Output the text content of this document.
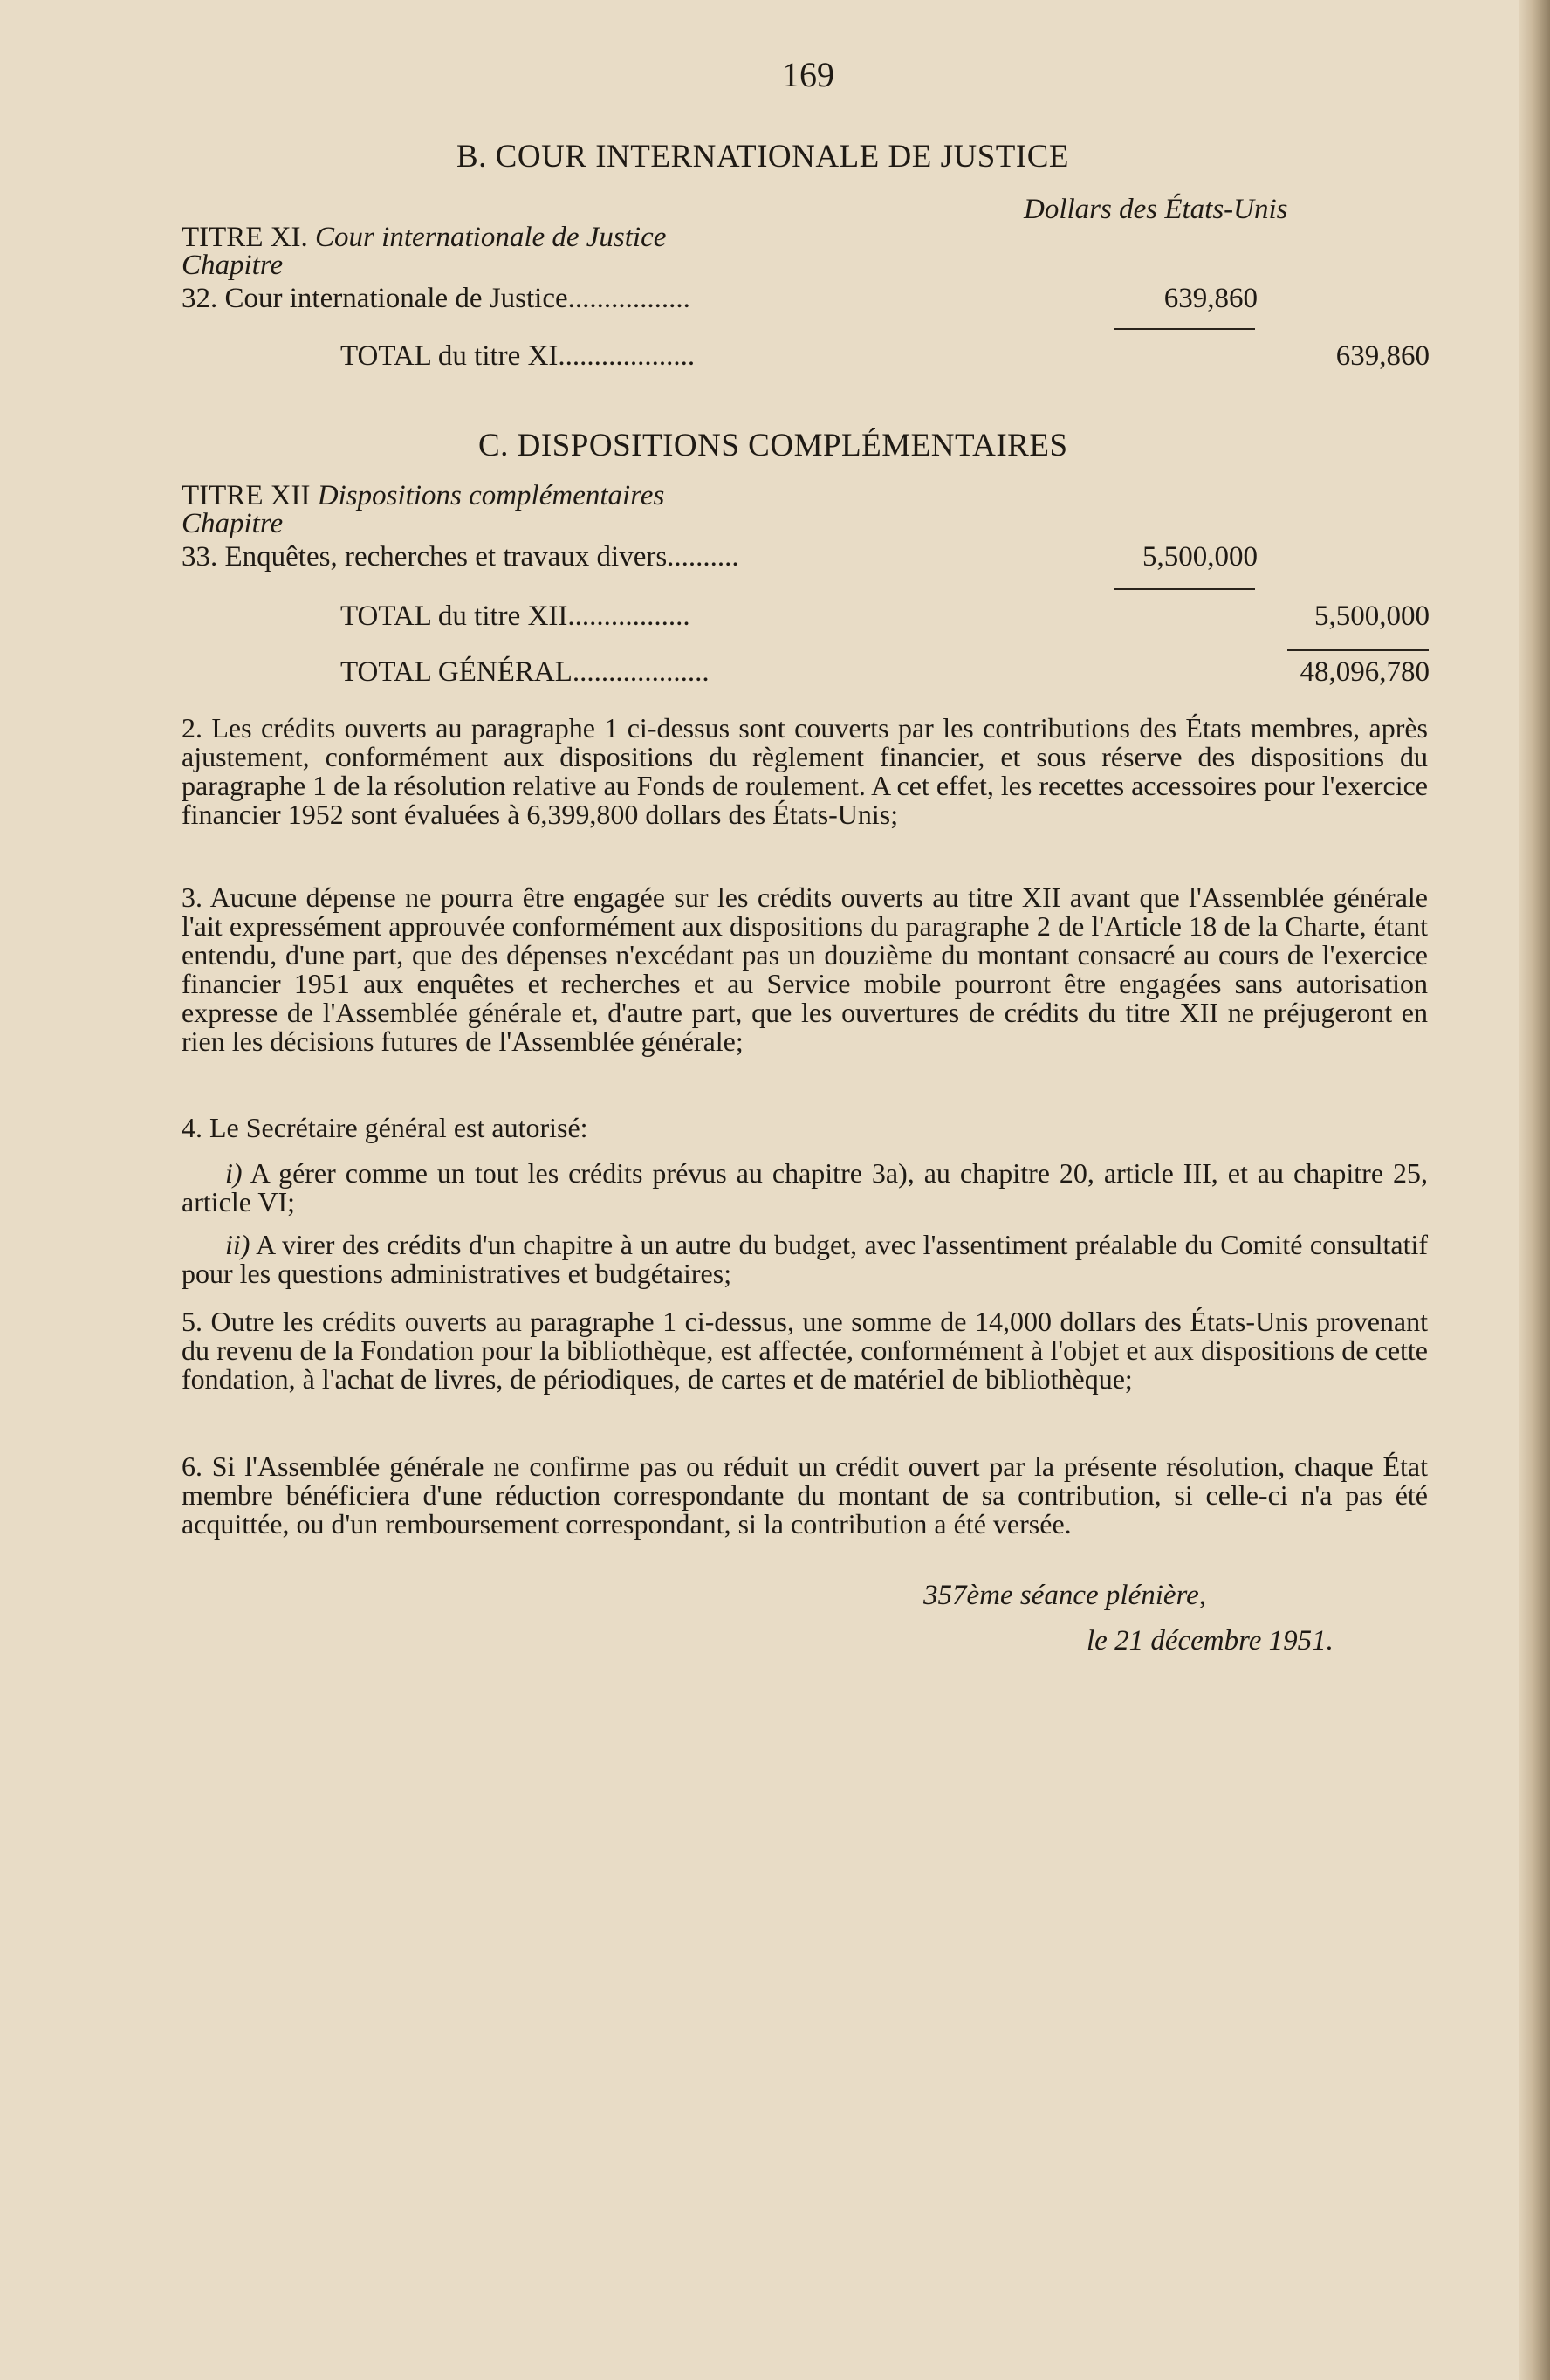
169
B. COUR INTERNATIONALE DE JUSTICE
Dollars des États-Unis
TITRE XI. Cour internationale de Justice
Chapitre
32. Cour internationale de Justice.................	639,860
TOTAL du titre XI...................	639,860
C. DISPOSITIONS COMPLÉMENTAIRES
TITRE XII Dispositions complémentaires
Chapitre
33. Enquêtes, recherches et travaux divers..........	5,500,000
TOTAL du titre XII.................	5,500,000
TOTAL GÉNÉRAL...................	48,096,780

2. Les crédits ouverts au paragraphe 1 ci-dessus sont couverts par les contributions des États membres, après ajustement, conformément aux dispositions du règlement financier, et sous réserve des dispositions du paragraphe 1 de la résolution relative au Fonds de roulement. A cet effet, les recettes accessoires pour l'exercice financier 1952 sont évaluées à 6,399,800 dollars des États-Unis;

3. Aucune dépense ne pourra être engagée sur les crédits ouverts au titre XII avant que l'Assemblée générale l'ait expressément approuvée conformément aux dispositions du paragraphe 2 de l'Article 18 de la Charte, étant entendu, d'une part, que des dépenses n'excédant pas un douzième du montant consacré au cours de l'exercice financier 1951 aux enquêtes et recherches et au Service mobile pourront être engagées sans autorisation expresse de l'Assemblée générale et, d'autre part, que les ouvertures de crédits du titre XII ne préjugeront en rien les décisions futures de l'Assemblée générale;

4. Le Secrétaire général est autorisé:

i) A gérer comme un tout les crédits prévus au chapitre 3a), au chapitre 20, article III, et au chapitre 25, article VI;

ii) A virer des crédits d'un chapitre à un autre du budget, avec l'assentiment préalable du Comité consultatif pour les questions administratives et budgétaires;

5. Outre les crédits ouverts au paragraphe 1 ci-dessus, une somme de 14,000 dollars des États-Unis provenant du revenu de la Fondation pour la bibliothèque, est affectée, conformément à l'objet et aux dispositions de cette fondation, à l'achat de livres, de périodiques, de cartes et de matériel de bibliothèque;

6. Si l'Assemblée générale ne confirme pas ou réduit un crédit ouvert par la présente résolution, chaque État membre bénéficiera d'une réduction correspondante du montant de sa contribution, si celle-ci n'a pas été acquittée, ou d'un remboursement correspondant, si la contribution a été versée.

357ème séance plénière,
le 21 décembre 1951.
